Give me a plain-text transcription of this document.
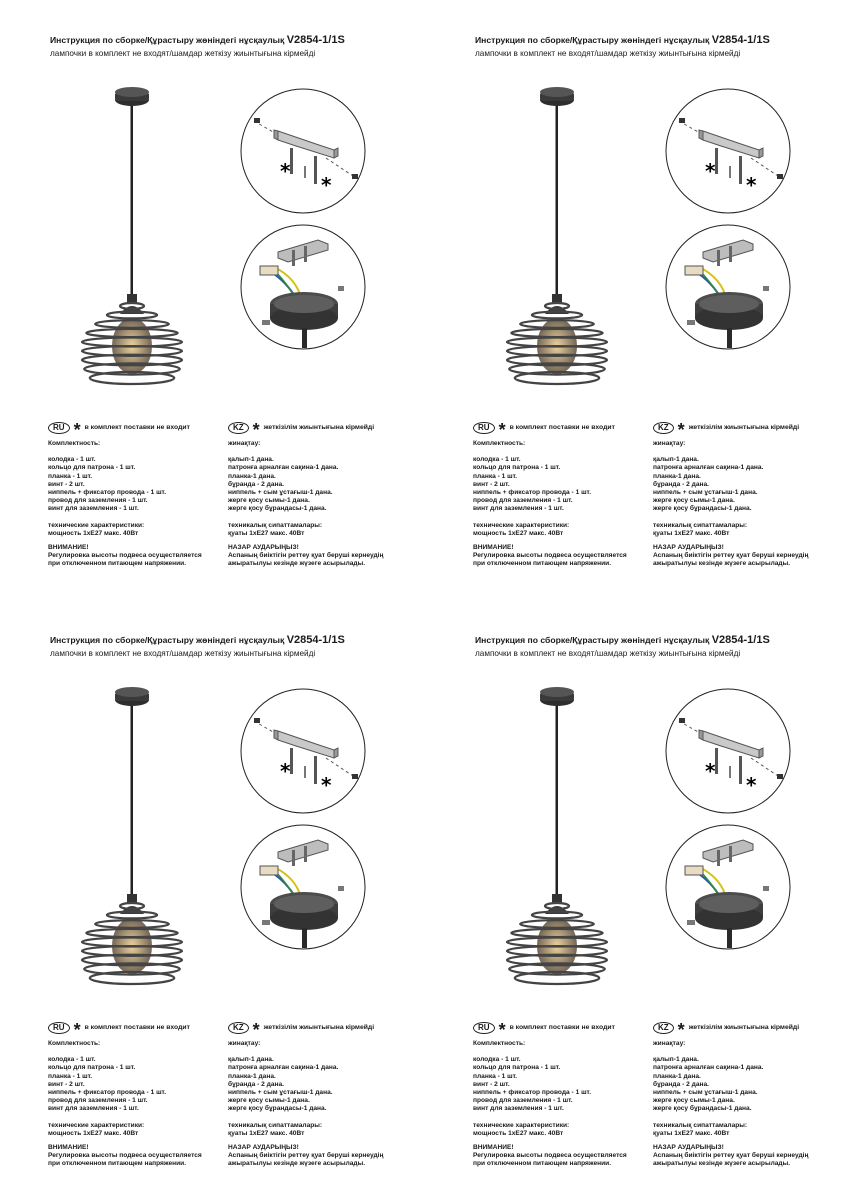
Инструкция по сборке/Құрастыру жөніндегі нұсқаулық V2854-1/1S
лампочки в комплект не входят/шамдар жеткізу жиынтығына кірмейді
*
*
RU * в комплект поставки не входит

Комплектность:

колодка - 1 шт.
кольцо для патрона - 1 шт.
планка - 1 шт.
винт - 2 шт.
ниппель + фиксатор провода - 1 шт.
провод для заземления - 1 шт.
винт для заземления - 1 шт.

технические характеристики:

мощность 1хЕ27 макс. 40Вт

ВНИМАНИЕ!

Регулировка высоты подвеса осуществляется
при отключенном питающем напряжении.
KZ * жеткізілім жиынтығына кірмейді

жинақтау:

қалып-1 дана.
патронға арналған сақина-1 дана.
планка-1 дана.
бұранда - 2 дана.
ниппель + сым ұстағыш-1 дана.
жерге қосу сымы-1 дана.
жерге қосу бұрандасы-1 дана.

техникалық сипаттамалары:

қуаты 1хЕ27 макс. 40Вт

НАЗАР АУДАРЫҢЫЗ!

Аспаның биіктігін реттеу қуат беруші кернеудің
ажыратылуы кезінде жүзеге асырылады.
Инструкция по сборке/Құрастыру жөніндегі нұсқаулық V2854-1/1S
лампочки в комплект не входят/шамдар жеткізу жиынтығына кірмейді
*
*
RU * в комплект поставки не входит

Комплектность:

колодка - 1 шт.
кольцо для патрона - 1 шт.
планка - 1 шт.
винт - 2 шт.
ниппель + фиксатор провода - 1 шт.
провод для заземления - 1 шт.
винт для заземления - 1 шт.

технические характеристики:

мощность 1хЕ27 макс. 40Вт

ВНИМАНИЕ!

Регулировка высоты подвеса осуществляется
при отключенном питающем напряжении.
KZ * жеткізілім жиынтығына кірмейді

жинақтау:

қалып-1 дана.
патронға арналған сақина-1 дана.
планка-1 дана.
бұранда - 2 дана.
ниппель + сым ұстағыш-1 дана.
жерге қосу сымы-1 дана.
жерге қосу бұрандасы-1 дана.

техникалық сипаттамалары:

қуаты 1хЕ27 макс. 40Вт

НАЗАР АУДАРЫҢЫЗ!

Аспаның биіктігін реттеу қуат беруші кернеудің
ажыратылуы кезінде жүзеге асырылады.
Инструкция по сборке/Құрастыру жөніндегі нұсқаулық V2854-1/1S
лампочки в комплект не входят/шамдар жеткізу жиынтығына кірмейді
*
*
RU * в комплект поставки не входит

Комплектность:

колодка - 1 шт.
кольцо для патрона - 1 шт.
планка - 1 шт.
винт - 2 шт.
ниппель + фиксатор провода - 1 шт.
провод для заземления - 1 шт.
винт для заземления - 1 шт.

технические характеристики:

мощность 1хЕ27 макс. 40Вт

ВНИМАНИЕ!

Регулировка высоты подвеса осуществляется
при отключенном питающем напряжении.
KZ * жеткізілім жиынтығына кірмейді

жинақтау:

қалып-1 дана.
патронға арналған сақина-1 дана.
планка-1 дана.
бұранда - 2 дана.
ниппель + сым ұстағыш-1 дана.
жерге қосу сымы-1 дана.
жерге қосу бұрандасы-1 дана.

техникалық сипаттамалары:

қуаты 1хЕ27 макс. 40Вт

НАЗАР АУДАРЫҢЫЗ!

Аспаның биіктігін реттеу қуат беруші кернеудің
ажыратылуы кезінде жүзеге асырылады.
Инструкция по сборке/Құрастыру жөніндегі нұсқаулық V2854-1/1S
лампочки в комплект не входят/шамдар жеткізу жиынтығына кірмейді
*
*
RU * в комплект поставки не входит

Комплектность:

колодка - 1 шт.
кольцо для патрона - 1 шт.
планка - 1 шт.
винт - 2 шт.
ниппель + фиксатор провода - 1 шт.
провод для заземления - 1 шт.
винт для заземления - 1 шт.

технические характеристики:

мощность 1хЕ27 макс. 40Вт

ВНИМАНИЕ!

Регулировка высоты подвеса осуществляется
при отключенном питающем напряжении.
KZ * жеткізілім жиынтығына кірмейді

жинақтау:

қалып-1 дана.
патронға арналған сақина-1 дана.
планка-1 дана.
бұранда - 2 дана.
ниппель + сым ұстағыш-1 дана.
жерге қосу сымы-1 дана.
жерге қосу бұрандасы-1 дана.

техникалық сипаттамалары:

қуаты 1хЕ27 макс. 40Вт

НАЗАР АУДАРЫҢЫЗ!

Аспаның биіктігін реттеу қуат беруші кернеудің
ажыратылуы кезінде жүзеге асырылады.
